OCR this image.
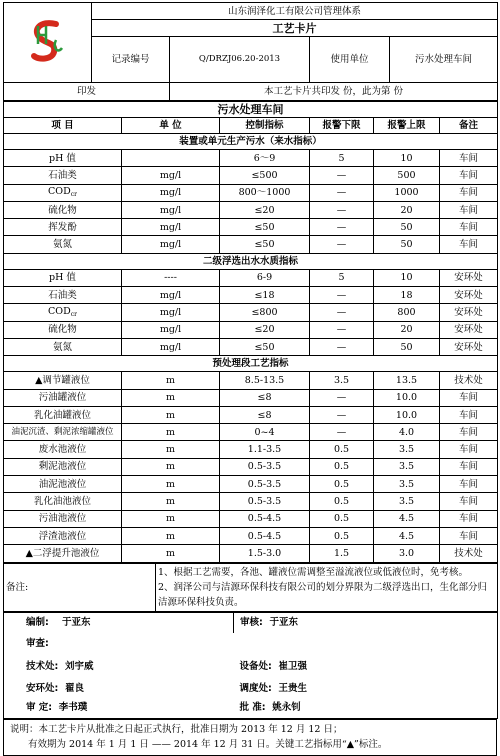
	山东润泽化工有限公司管理体系			
	工艺卡片			
	记录编号	Q/DRZJ06.20-2013	使用单位	污水处理车间
印发		本工艺卡片共印发 份，此为第 份		
污水处理车间					
项 目	单 位	控制指标	报警下限	报警上限	备注
装置或单元生产污水（来水指标）					
pH 值		6～9	5	10	车间
石油类	mg/l	≤500	—	500	车间
$COD_{cr}$	mg/l	800～1000	—	1000	车间
硫化物	mg/l	≤20	—	20	车间
挥发酚	mg/l	≤50	—	50	车间
氨氮	mg/l	≤50	—	50	车间
二级浮选出水水质指标					
pH 值	----	6-9	5	10	安环处
石油类	mg/l	≤18	—	18	安环处
$COD_{cr}$	mg/l	≤800	—	800	安环处
硫化物	mg/l	≤20	—	20	安环处
氨氮	mg/l	≤50	—	50	安环处
预处理段工艺指标					
▲调节罐液位	m	8.5-13.5	3.5	13.5	技术处
污油罐液位	m	≤8	—	10.0	车间
乳化油罐液位	m	≤8	—	10.0	车间
油泥沉渣、剩泥浓缩罐液位	m	0~4	—	4.0	车间
废水池液位	m	1.1-3.5	0.5	3.5	车间
剩泥池液位	m	0.5-3.5	0.5	3.5	车间
油泥池液位	m	0.5-3.5	0.5	3.5	车间
乳化油池液位	m	0.5-3.5	0.5	3.5	车间
污油池液位	m	0.5-4.5	0.5	4.5	车间
浮渣池液位	m	0.5-4.5	0.5	4.5	车间
▲二浮提升池液位	m	1.5-3.0	1.5	3.0	技术处
备注:	
1、根据工艺需要，各池、罐液位需调整至溢流液位或低液位时，免考核。
2、润泽公司与洁源环保科技有限公司的划分界限为二级浮选出口，生化部分归洁源环保科技负责。
编制: 于亚东	审核: 于亚东
审查:	
技术处: 刘宇威	设备处: 崔卫强
安环处: 翟良	调度处: 王贵生
审 定: 李书璞	批 准: 姚永钊
说明：本工艺卡片从批准之日起正式执行，批准日期为 2013 年 12 月 12 日；
有效期为 2014 年 1 月 1 日 —— 2014 年 12 月 31 日。关键工艺指标用“▲”标注。
